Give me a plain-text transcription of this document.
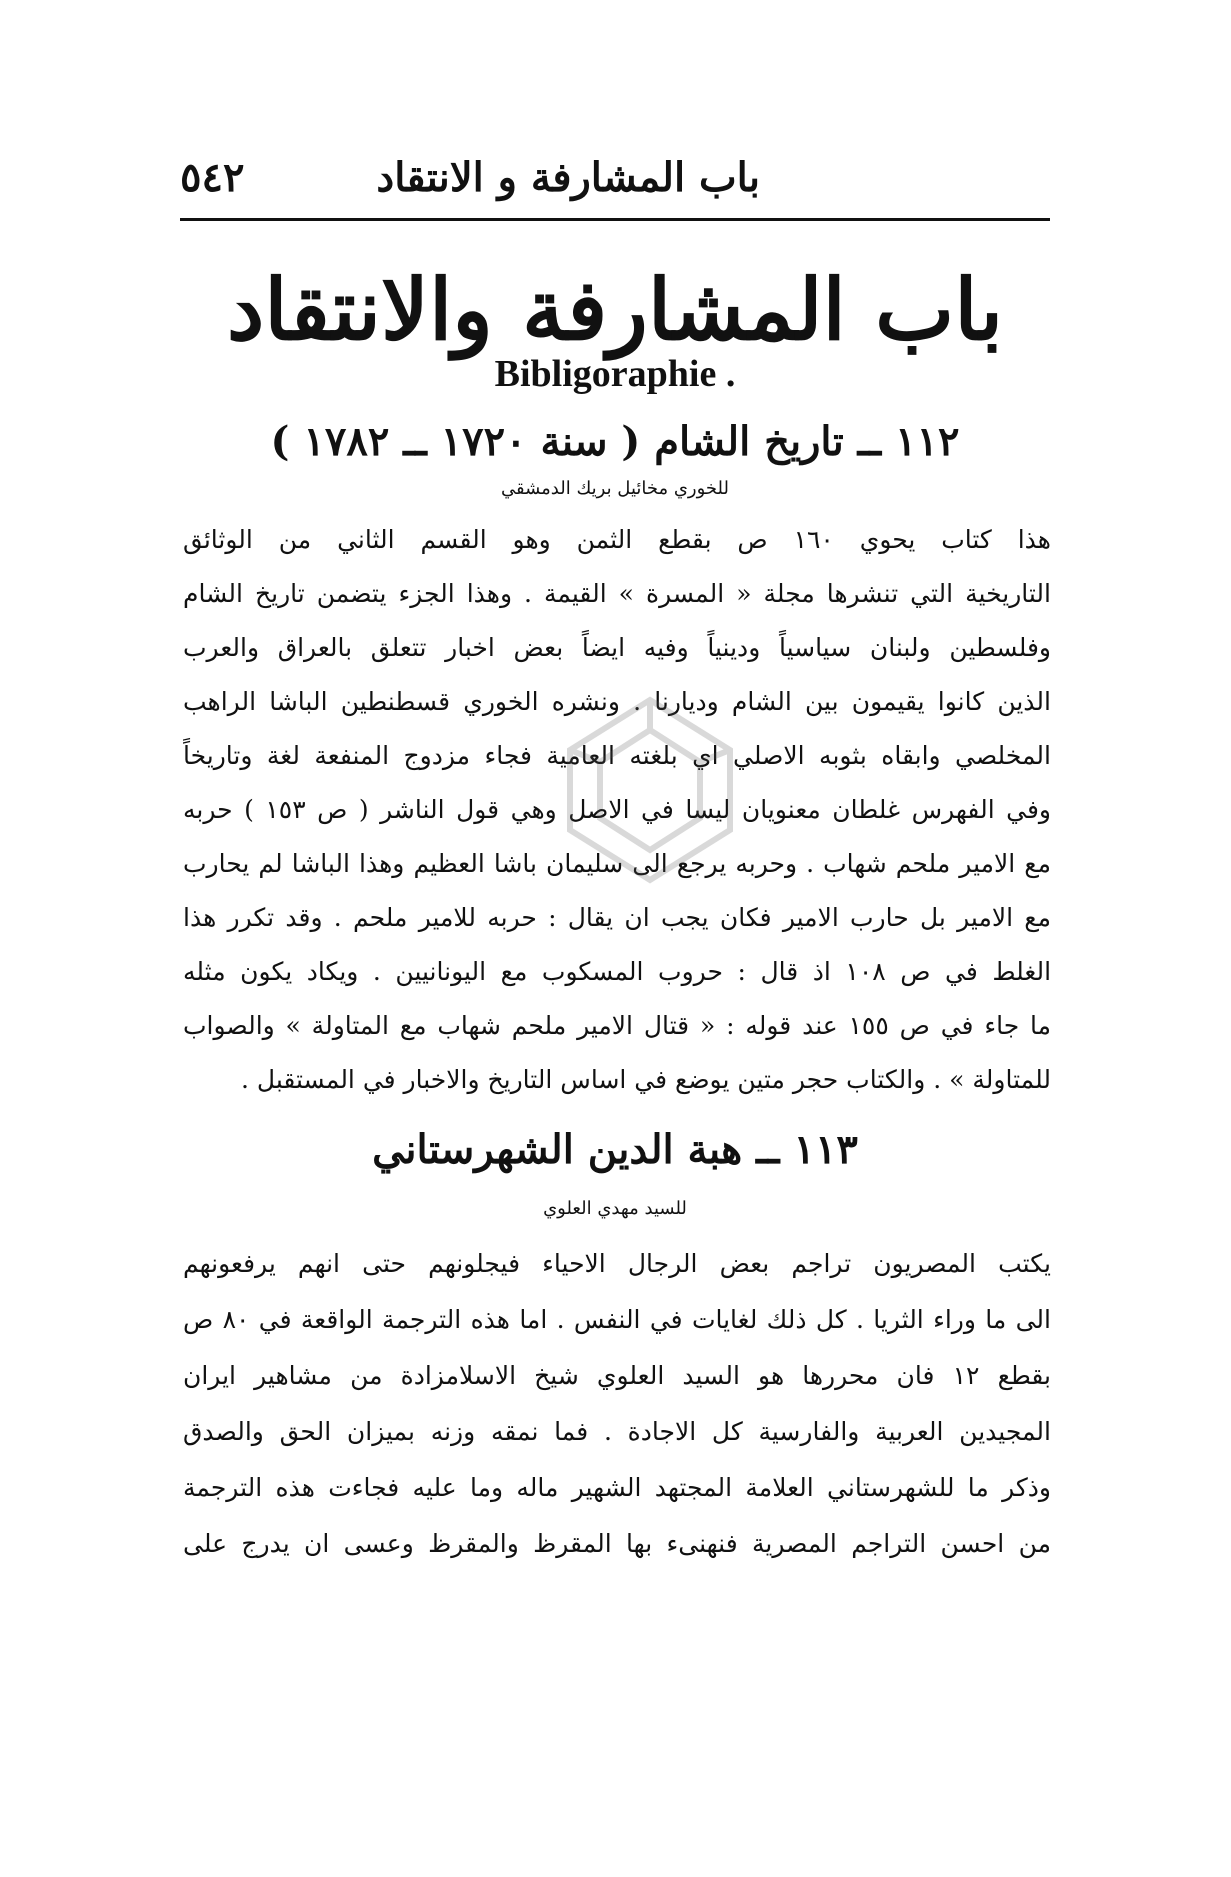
باب المشارفة و الانتقاد
٥٤٢
باب المشارفة والانتقاد
Bibligoraphie .
١١٢ ــ تاريخ الشام ( سنة ١٧٢٠ ــ ١٧٨٢ )
للخوري مخائيل بريك الدمشقي
هذا كتاب يحوي ١٦٠ ص بقطع الثمن وهو القسم الثاني من الوثائق
التاريخية التي تنشرها مجلة « المسرة » القيمة . وهذا الجزء يتضمن تاريخ الشام
وفلسطين ولبنان سياسياً ودينياً وفيه ايضاً بعض اخبار تتعلق بالعراق والعرب
الذين كانوا يقيمون بين الشام وديارنا . ونشره الخوري قسطنطين الباشا الراهب
المخلصي وابقاه بثوبه الاصلي اي بلغته العامية فجاء مزدوج المنفعة لغة وتاريخاً
وفي الفهرس غلطان معنويان ليسا في الاصل وهي قول الناشر ( ص ١٥٣ ) حربه
مع الامير ملحم شهاب . وحربه يرجع الى سليمان باشا العظيم وهذا الباشا لم يحارب
مع الامير بل حارب الامير فكان يجب ان يقال : حربه للامير ملحم . وقد تكرر هذا
الغلط في ص ١٠٨ اذ قال : حروب المسكوب مع اليونانيين . ويكاد يكون مثله
ما جاء في ص ١٥٥ عند قوله : « قتال الامير ملحم شهاب مع المتاولة » والصواب
للمتاولة » . والكتاب حجر متين يوضع في اساس التاريخ والاخبار في المستقبل .
١١٣ ــ هبة الدين الشهرستاني
للسيد مهدي العلوي
يكتب المصريون تراجم بعض الرجال الاحياء فيجلونهم حتى انهم يرفعونهم
الى ما وراء الثريا . كل ذلك لغايات في النفس . اما هذه الترجمة الواقعة في ٨٠ ص
بقطع ١٢ فان محررها هو السيد العلوي شيخ الاسلامزادة من مشاهير ايران
المجيدين العربية والفارسية كل الاجادة . فما نمقه وزنه بميزان الحق والصدق
وذكر ما للشهرستاني العلامة المجتهد الشهير ماله وما عليه فجاءت هذه الترجمة
من احسن التراجم المصرية فنهنىء بها المقرظ والمقرظ وعسى ان يدرج على
